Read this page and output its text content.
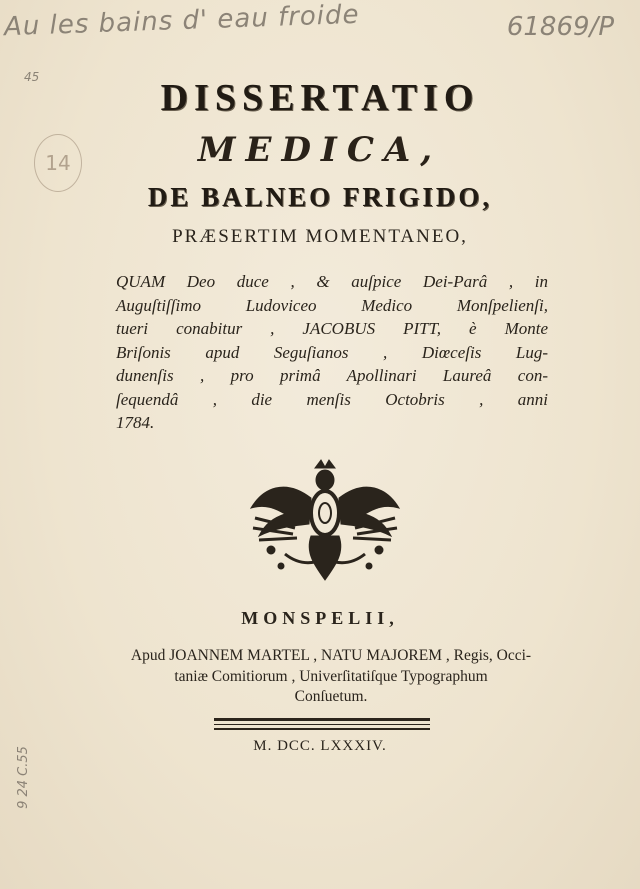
Au les bains d' eau froide	61869/P
45
14
9 24 C.55
DISSERTATIO
MEDICA,
DE BALNEO FRIGIDO,
PRÆSERTIM MOMENTANEO,
QUAM Deo duce , & auſpice Dei-Parâ , in
Auguſtiſſimo Ludoviceo Medico Monſpelienſi,
tueri conabitur , JACOBUS PITT, è Monte
Briſonis apud Seguſianos , Diœceſis Lug-
dunenſis , pro primâ Apollinari Laureâ con-
ſequendâ , die menſis Octobris , anni
1784.
MONSPELII,
Apud JOANNEM MARTEL , NATU MAJOREM , Regis, Occi-
taniæ Comitiorum , Univerſitatiſque Typographum
Conſuetum.
M. DCC. LXXXIV.
